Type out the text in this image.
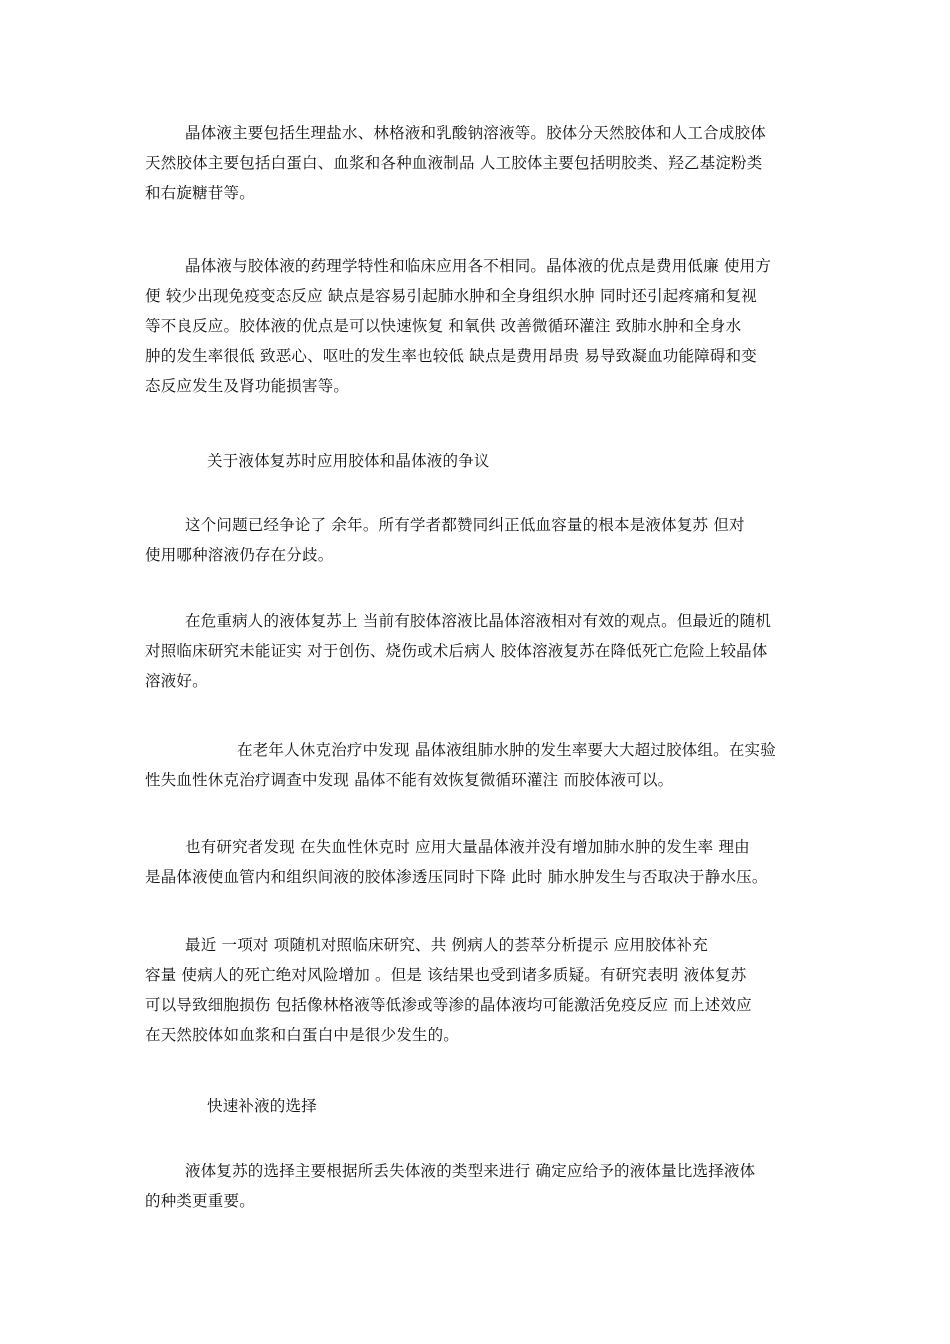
晶体液主要包括生理盐水、林格液和乳酸钠溶液等。胶体分天然胶体和人工合成胶体
天然胶体主要包括白蛋白、血浆和各种血液制品 人工胶体主要包括明胶类、羟乙基淀粉类
和右旋糖苷等。
晶体液与胶体液的药理学特性和临床应用各不相同。晶体液的优点是费用低廉 使用方
便 较少出现免疫变态反应 缺点是容易引起肺水肿和全身组织水肿 同时还引起疼痛和复视
等不良反应。胶体液的优点是可以快速恢复 和氧供 改善微循环灌注 致肺水肿和全身水
肿的发生率很低 致恶心、呕吐的发生率也较低 缺点是费用昂贵 易导致凝血功能障碍和变
态反应发生及肾功能损害等。
关于液体复苏时应用胶体和晶体液的争议
这个问题已经争论了 余年。所有学者都赞同纠正低血容量的根本是液体复苏 但对
使用哪种溶液仍存在分歧。
在危重病人的液体复苏上 当前有胶体溶液比晶体溶液相对有效的观点。但最近的随机
对照临床研究未能证实 对于创伤、烧伤或术后病人 胶体溶液复苏在降低死亡危险上较晶体
溶液好。
在老年人休克治疗中发现 晶体液组肺水肿的发生率要大大超过胶体组。在实验
性失血性休克治疗调查中发现 晶体不能有效恢复微循环灌注 而胶体液可以。
也有研究者发现 在失血性休克时 应用大量晶体液并没有增加肺水肿的发生率 理由
是晶体液使血管内和组织间液的胶体渗透压同时下降 此时 肺水肿发生与否取决于静水压。
最近 一项对 项随机对照临床研究、共 例病人的荟萃分析提示 应用胶体补充
容量 使病人的死亡绝对风险增加 。但是 该结果也受到诸多质疑。有研究表明 液体复苏
可以导致细胞损伤 包括像林格液等低渗或等渗的晶体液均可能激活免疫反应 而上述效应
在天然胶体如血浆和白蛋白中是很少发生的。
快速补液的选择
液体复苏的选择主要根据所丢失体液的类型来进行 确定应给予的液体量比选择液体
的种类更重要。
